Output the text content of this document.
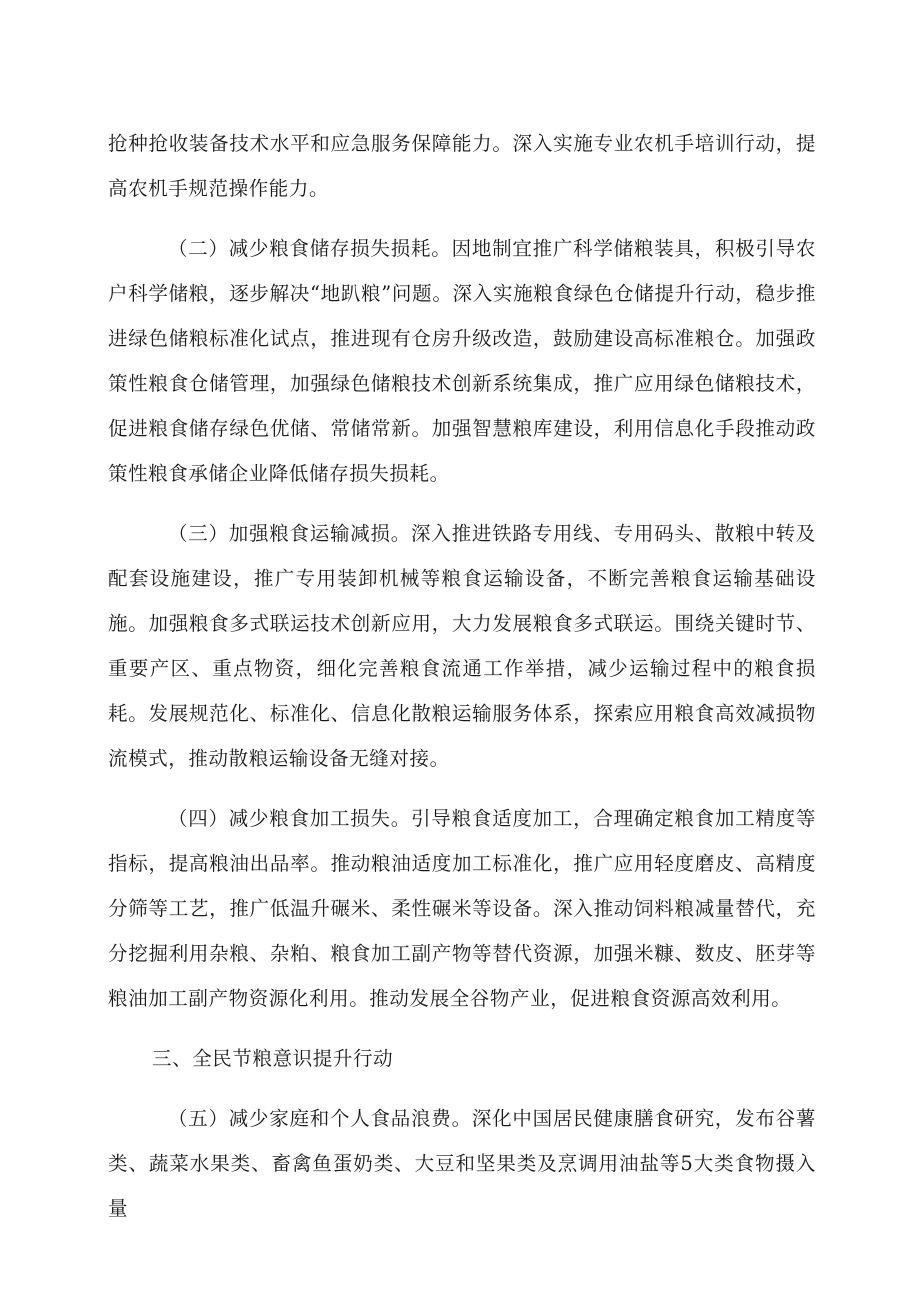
抢种抢收装备技术水平和应急服务保障能力。深入实施专业农机手培训行动，提高农机手规范操作能力。

（二）减少粮食储存损失损耗。因地制宜推广科学储粮装具，积极引导农户科学储粮，逐步解决“地趴粮”问题。深入实施粮食绿色仓储提升行动，稳步推进绿色储粮标准化试点，推进现有仓房升级改造，鼓励建设高标准粮仓。加强政策性粮食仓储管理，加强绿色储粮技术创新系统集成，推广应用绿色储粮技术，促进粮食储存绿色优储、常储常新。加强智慧粮库建设，利用信息化手段推动政策性粮食承储企业降低储存损失损耗。

（三）加强粮食运输减损。深入推进铁路专用线、专用码头、散粮中转及配套设施建设，推广专用装卸机械等粮食运输设备，不断完善粮食运输基础设施。加强粮食多式联运技术创新应用，大力发展粮食多式联运。围绕关键时节、重要产区、重点物资，细化完善粮食流通工作举措，减少运输过程中的粮食损耗。发展规范化、标准化、信息化散粮运输服务体系，探索应用粮食高效减损物流模式，推动散粮运输设备无缝对接。

（四）减少粮食加工损失。引导粮食适度加工，合理确定粮食加工精度等指标，提高粮油出品率。推动粮油适度加工标准化，推广应用轻度磨皮、高精度分筛等工艺，推广低温升碾米、柔性碾米等设备。深入推动饲料粮减量替代，充分挖掘利用杂粮、杂粕、粮食加工副产物等替代资源，加强米糠、数皮、胚芽等粮油加工副产物资源化利用。推动发展全谷物产业，促进粮食资源高效利用。

三、全民节粮意识提升行动

（五）减少家庭和个人食品浪费。深化中国居民健康膳食研究，发布谷薯类、蔬菜水果类、畜禽鱼蛋奶类、大豆和坚果类及烹调用油盐等5大类食物摄入量
